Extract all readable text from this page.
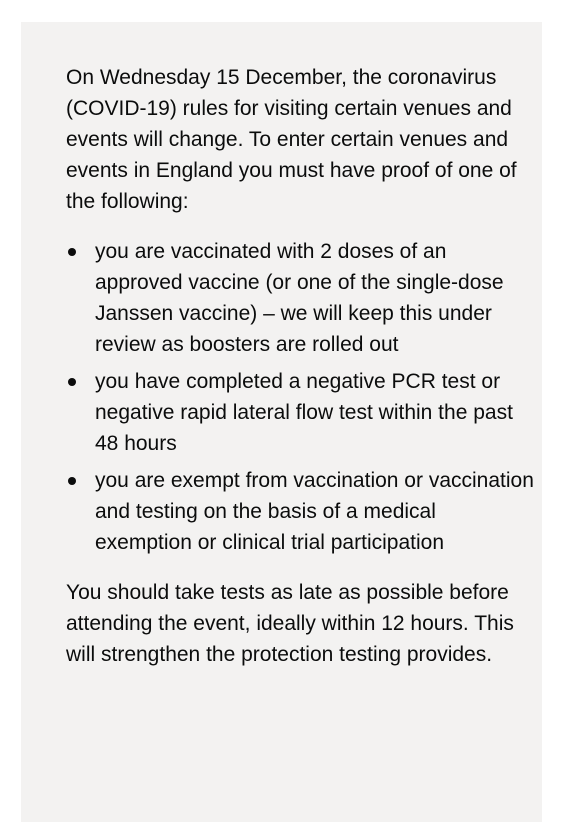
On Wednesday 15 December, the coronavirus (COVID-19) rules for visiting certain venues and events will change. To enter certain venues and events in England you must have proof of one of the following:

you are vaccinated with 2 doses of an approved vaccine (or one of the single-dose Janssen vaccine) – we will keep this under review as boosters are rolled out
you have completed a negative PCR test or negative rapid lateral flow test within the past 48 hours
you are exempt from vaccination or vaccination and testing on the basis of a medical exemption or clinical trial participation

You should take tests as late as possible before attending the event, ideally within 12 hours. This will strengthen the protection testing provides.
